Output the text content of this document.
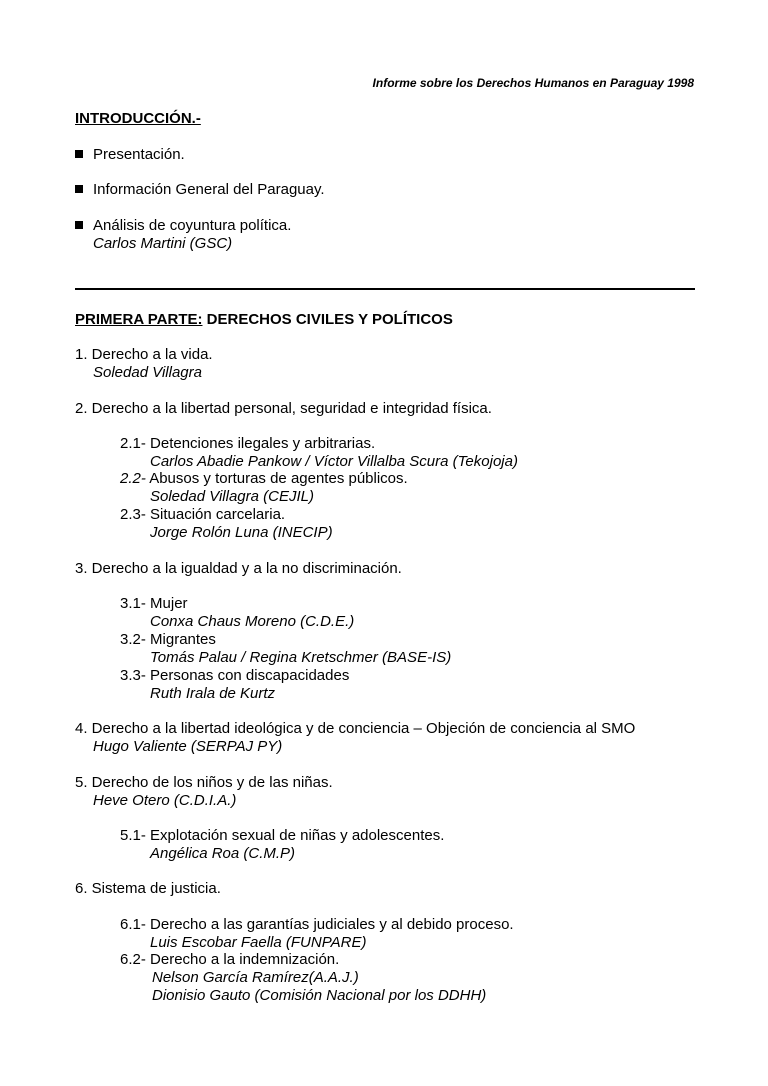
Informe sobre los Derechos Humanos en Paraguay 1998
INTRODUCCIÓN.-
Presentación.
Información General del Paraguay.
Análisis de coyuntura política.
Carlos Martini (GSC)
PRIMERA PARTE: DERECHOS CIVILES Y POLÍTICOS
1. Derecho a la vida.
Soledad Villagra
2. Derecho a la libertad personal, seguridad e integridad física.
2.1- Detenciones ilegales y arbitrarias.
Carlos Abadie Pankow / Víctor Villalba Scura (Tekojoja)
2.2- Abusos y torturas de agentes públicos.
Soledad Villagra (CEJIL)
2.3- Situación carcelaria.
Jorge Rolón Luna (INECIP)
3. Derecho a la igualdad y a la no discriminación.
3.1- Mujer
Conxa Chaus Moreno (C.D.E.)
3.2- Migrantes
Tomás Palau / Regina Kretschmer (BASE-IS)
3.3- Personas con discapacidades
Ruth Irala de Kurtz
4. Derecho a la libertad ideológica y de conciencia – Objeción de conciencia al SMO
Hugo Valiente (SERPAJ PY)
5. Derecho de los niños y de las niñas.
Heve Otero (C.D.I.A.)
5.1- Explotación sexual de niñas y adolescentes.
Angélica Roa (C.M.P)
6. Sistema de justicia.
6.1- Derecho a las garantías judiciales y al debido proceso.
Luis Escobar Faella (FUNPARE)
6.2- Derecho a la indemnización.
Nelson García Ramírez(A.A.J.)
Dionisio Gauto (Comisión Nacional por los DDHH)
